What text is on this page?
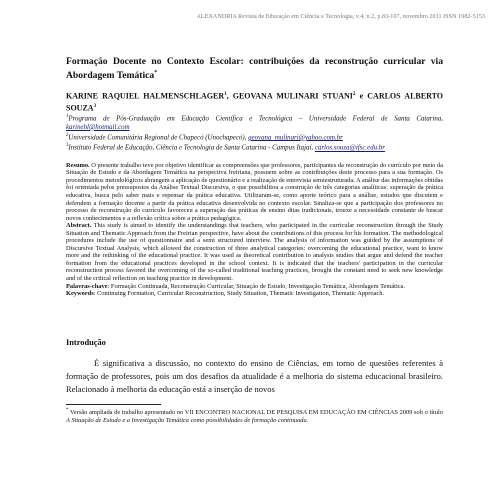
ALEXANDRIA Revista de Educação em Ciência e Tecnologia, v.4, n.2, p.83-107, novembro 2011 ISSN 1982-5153
Formação Docente no Contexto Escolar: contribuições da reconstrução curricular via Abordagem Temática*
KARINE RAQUIEL HALMENSCHLAGER$^1$, GEOVANA MULINARI STUANI$^2$ e CARLOS ALBERTO SOUZA$^3$
$^1$Programa de Pós-Graduação em Educação Científica e Tecnológica – Universidade Federal de Santa Catarina, karinehl@hotmail.com
$^2$Universidade Comunitária Regional de Chapecó (Unochapecó), geovana_mulinari@yahoo.com.br
$^3$Instituto Federal de Educação, Ciência e Tecnologia de Santa Catarina - Campus Itajaí, carlos.souza@ifsc.edu.br

Resumo. O presente trabalho teve por objetivo identificar as compreensões que professores, participantes da reconstrução do currículo por meio da Situação de Estudo e da Abordagem Temática na perspectiva freiriana, possuem sobre as contribuições deste processo para a sua formação. Os procedimentos metodológicos abrangem a aplicação de questionário e a realização de entrevista semiestruturada. A análise das informações obtidas foi orientada pelos pressupostos da Análise Textual Discursiva, o que possibilitou a construção de três categorias analíticas: superação da prática educativa, busca pelo saber mais e repensar da prática educativa. Utilizaram-se, como aporte teórico para a análise, estudos que discutem e defendem a formação docente a partir da prática educativa desenvolvida no contexto escolar. Sinaliza-se que a participação dos professores no processo de reconstrução do currículo favoreceu a superação das práticas de ensino ditas tradicionais, trouxe a necessidade constante de buscar novos conhecimentos e a reflexão crítica sobre a prática pedagógica.

Abstract. This study is aimed to identify the understandings that teachers, who participated in the curricular reconstruction through the Study Situation and Thematic Approach from the Freirian perspective, have about the contributions of this process for his formation. The methodological procedures include the use of questionnaire and a semi structured interview. The analysis of information was guided by the assumptions of Discursive Textual Analysis, which allowed the construction of three analytical categories: overcoming the educational practice, want to know more and the rethinking of the educational practice. It was used as theoretical contribution to analysis studies that argue and defend the teacher formation from the educational practices developed in the school context. It is indicated that the teachers' participation in the curricular reconstruction process favored the overcoming of the so-called traditional teaching practices, brought the constant need to seek new knowledge and of the critical reflection on teaching practice in development.

Palavras-chave: Formação Continuada, Reconstrução Curricular, Situação de Estudo, Investigação Temática, Abordagem Temática.

Keywords: Continuing Formation, Curricular Reconstruction, Study Situation, Thematic Investigation, Thematic Approach.

Introdução
É significativa a discussão, no contexto do ensino de Ciências, em torno de questões referentes à formação de professores, pois um dos desafios da atualidade é a melhoria do sistema educacional brasileiro. Relacionado à melhoria da educação está a inserção de novos
* Versão ampliada de trabalho apresentado no VII ENCONTRO NACIONAL DE PESQUISA EM EDUCAÇÃO EM CIÊNCIAS 2009 sob o título A Situação de Estudo e a Investigação Temática como possibilidades de formação continuada.
